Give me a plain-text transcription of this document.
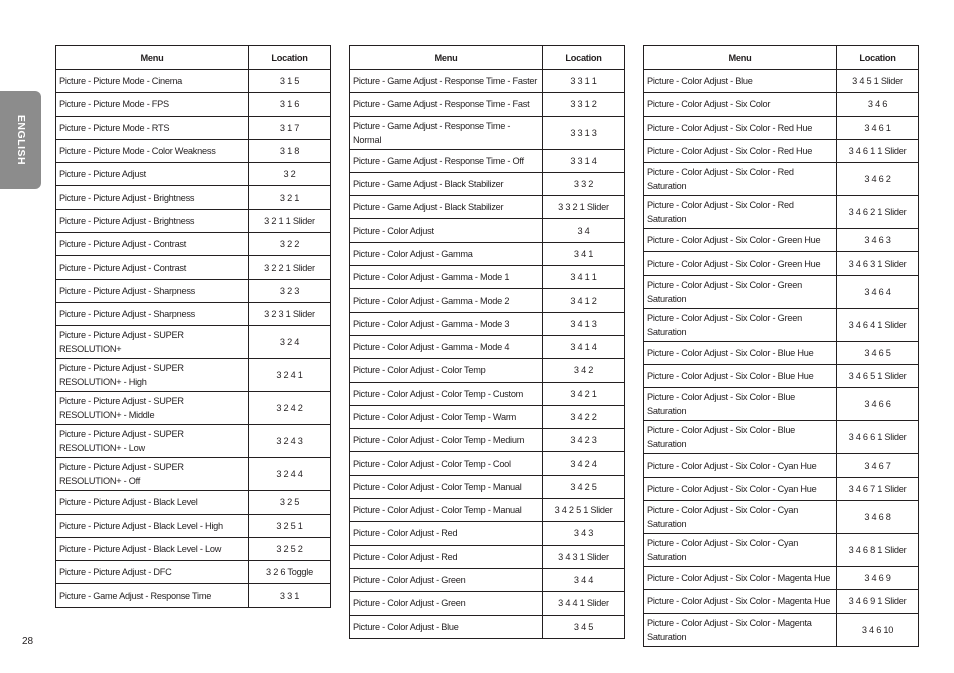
ENGLISH
Menu	Location
Picture - Picture Mode - Cinema	3 1 5
Picture - Picture Mode - FPS	3 1 6
Picture - Picture Mode - RTS	3 1 7
Picture - Picture Mode - Color Weakness	3 1 8
Picture - Picture Adjust	3 2
Picture - Picture Adjust - Brightness	3 2 1
Picture - Picture Adjust - Brightness	3 2 1 1 Slider
Picture - Picture Adjust - Contrast	3 2 2
Picture - Picture Adjust - Contrast	3 2 2 1 Slider
Picture - Picture Adjust - Sharpness	3 2 3
Picture - Picture Adjust - Sharpness	3 2 3 1 Slider
Picture - Picture Adjust - SUPER RESOLUTION+	3 2 4
Picture - Picture Adjust - SUPER RESOLUTION+ - High	3 2 4 1
Picture - Picture Adjust - SUPER RESOLUTION+ - Middle	3 2 4 2
Picture - Picture Adjust - SUPER RESOLUTION+ - Low	3 2 4 3
Picture - Picture Adjust - SUPER RESOLUTION+ - Off	3 2 4 4
Picture - Picture Adjust - Black Level	3 2 5
Picture - Picture Adjust - Black Level - High	3 2 5 1
Picture - Picture Adjust - Black Level - Low	3 2 5 2
Picture - Picture Adjust - DFC	3 2 6 Toggle
Picture - Game Adjust - Response Time	3 3 1
Menu	Location
Picture - Game Adjust - Response Time - Faster	3 3 1 1
Picture - Game Adjust - Response Time - Fast	3 3 1 2
Picture - Game Adjust - Response Time - Normal	3 3 1 3
Picture - Game Adjust - Response Time - Off	3 3 1 4
Picture - Game Adjust - Black Stabilizer	3 3 2
Picture - Game Adjust - Black Stabilizer	3 3 2 1 Slider
Picture - Color Adjust	3 4
Picture - Color Adjust - Gamma	3 4 1
Picture - Color Adjust - Gamma - Mode 1	3 4 1 1
Picture - Color Adjust - Gamma - Mode 2	3 4 1 2
Picture - Color Adjust - Gamma - Mode 3	3 4 1 3
Picture - Color Adjust - Gamma - Mode 4	3 4 1 4
Picture - Color Adjust - Color Temp	3 4 2
Picture - Color Adjust - Color Temp - Custom	3 4 2 1
Picture - Color Adjust - Color Temp - Warm	3 4 2 2
Picture - Color Adjust - Color Temp - Medium	3 4 2 3
Picture - Color Adjust - Color Temp - Cool	3 4 2 4
Picture - Color Adjust - Color Temp - Manual	3 4 2 5
Picture - Color Adjust - Color Temp - Manual	3 4 2 5 1 Slider
Picture - Color Adjust - Red	3 4 3
Picture - Color Adjust - Red	3 4 3 1 Slider
Picture - Color Adjust - Green	3 4 4
Picture - Color Adjust - Green	3 4 4 1 Slider
Picture - Color Adjust - Blue	3 4 5
Menu	Location
Picture - Color Adjust - Blue	3 4 5 1 Slider
Picture - Color Adjust - Six Color	3 4 6
Picture - Color Adjust - Six Color - Red Hue	3 4 6 1
Picture - Color Adjust - Six Color - Red Hue	3 4 6 1 1 Slider
Picture - Color Adjust - Six Color - Red Saturation	3 4 6 2
Picture - Color Adjust - Six Color - Red Saturation	3 4 6 2 1 Slider
Picture - Color Adjust - Six Color - Green Hue	3 4 6 3
Picture - Color Adjust - Six Color - Green Hue	3 4 6 3 1 Slider
Picture - Color Adjust - Six Color - Green Saturation	3 4 6 4
Picture - Color Adjust - Six Color - Green Saturation	3 4 6 4 1 Slider
Picture - Color Adjust - Six Color - Blue Hue	3 4 6 5
Picture - Color Adjust - Six Color - Blue Hue	3 4 6 5 1 Slider
Picture - Color Adjust - Six Color - Blue Saturation	3 4 6 6
Picture - Color Adjust - Six Color - Blue Saturation	3 4 6 6 1 Slider
Picture - Color Adjust - Six Color - Cyan Hue	3 4 6 7
Picture - Color Adjust - Six Color - Cyan Hue	3 4 6 7 1 Slider
Picture - Color Adjust - Six Color - Cyan Saturation	3 4 6 8
Picture - Color Adjust - Six Color - Cyan Saturation	3 4 6 8 1 Slider
Picture - Color Adjust - Six Color - Magenta Hue	3 4 6 9
Picture - Color Adjust - Six Color - Magenta Hue	3 4 6 9 1 Slider
Picture - Color Adjust - Six Color - Magenta Saturation	3 4 6 10
28
